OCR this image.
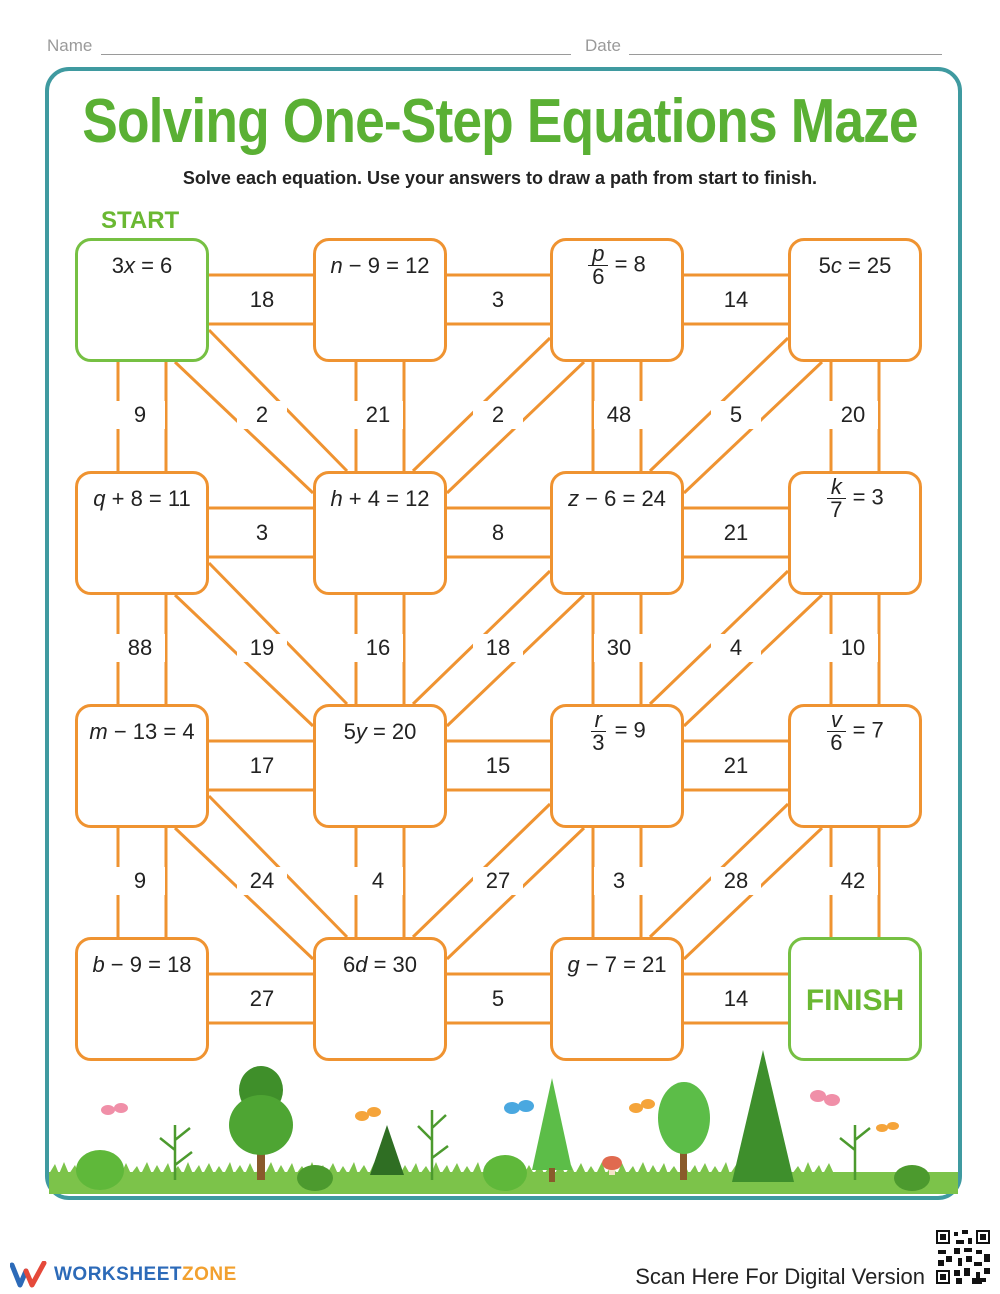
Name	Date
Solving One-Step Equations Maze
Solve each equation. Use your answers to draw a path from start to finish.
START
3x = 6	n − 9 = 12	$\frac{p}{6} = 8$	5c = 25
q + 8 = 11	h + 4 = 12	z − 6 = 24	$\frac{k}{7} = 3$
m − 13 = 4	5y = 20	$\frac{r}{3} = 9$	$\frac{v}{6} = 7$
b − 9 = 18	6d = 30	g − 7 = 21
FINISH
18	3	14
3	8	21
17	15	21
27	5	14
9	21	48	20
88	16	30	10
9	4	3	42
2	2	5
19	18	4
24	27	28
WORKSHEETZONE	Scan Here For Digital Version
